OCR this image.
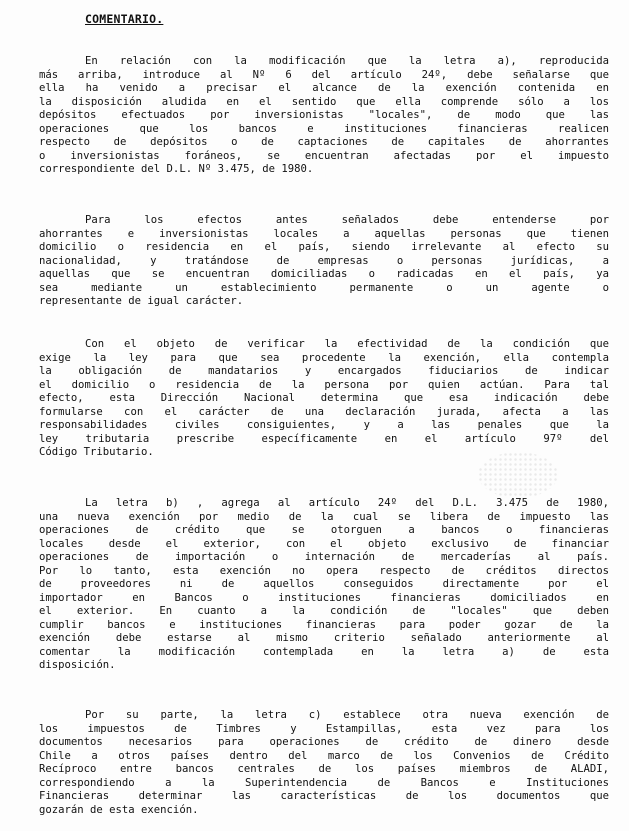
COMENTARIO.
En relación con la modificación que la letra a), reproducida
más arriba, introduce al Nº 6 del artículo 24º, debe señalarse que
ella ha venido a precisar el alcance de la exención contenida en
la disposición aludida en el sentido que ella comprende sólo a los
depósitos efectuados por inversionistas "locales", de modo que las
operaciones que los bancos e instituciones financieras realicen
respecto de depósitos o de captaciones de capitales de ahorrantes
o inversionistas foráneos, se encuentran afectadas por el impuesto
correspondiente del D.L. Nº 3.475, de 1980.
Para los efectos antes señalados debe entenderse por
ahorrantes e inversionistas locales a aquellas personas que tienen
domicilio o residencia en el país, siendo irrelevante al efecto su
nacionalidad, y tratándose de empresas o personas jurídicas, a
aquellas que se encuentran domiciliadas o radicadas en el país, ya
sea mediante un establecimiento permanente o un agente o
representante de igual carácter.
Con el objeto de verificar la efectividad de la condición que
exige la ley para que sea procedente la exención, ella contempla
la obligación de mandatarios y encargados fiduciarios de indicar
el domicilio o residencia de la persona por quien actúan. Para tal
efecto, esta Dirección Nacional determina que esa indicación debe
formularse con el carácter de una declaración jurada, afecta a las
responsabilidades civiles consiguientes, y a las penales que la
ley tributaria prescribe específicamente en el artículo 97º del
Código Tributario.
La letra b) , agrega al artículo 24º del D.L. 3.475 de 1980,
una nueva exención por medio de la cual se libera de impuesto las
operaciones de crédito que se otorguen a bancos o financieras
locales desde el exterior, con el objeto exclusivo de financiar
operaciones de importación o internación de mercaderías al país.
Por lo tanto, esta exención no opera respecto de créditos directos
de proveedores ni de aquellos conseguidos directamente por el
importador en Bancos o instituciones financieras domiciliados en
el exterior. En cuanto a la condición de "locales" que deben
cumplir bancos e instituciones financieras para poder gozar de la
exención debe estarse al mismo criterio señalado anteriormente al
comentar la modificación contemplada en la letra a) de esta
disposición.
Por su parte, la letra c) establece otra nueva exención de
los impuestos de Timbres y Estampillas, esta vez para los
documentos necesarios para operaciones de crédito de dinero desde
Chile a otros países dentro del marco de los Convenios de Crédito
Recíproco entre bancos centrales de los países miembros de ALADI,
correspondiendo a la Superintendencia de Bancos e Instituciones
Financieras determinar las características de los documentos que
gozarán de esta exención.
